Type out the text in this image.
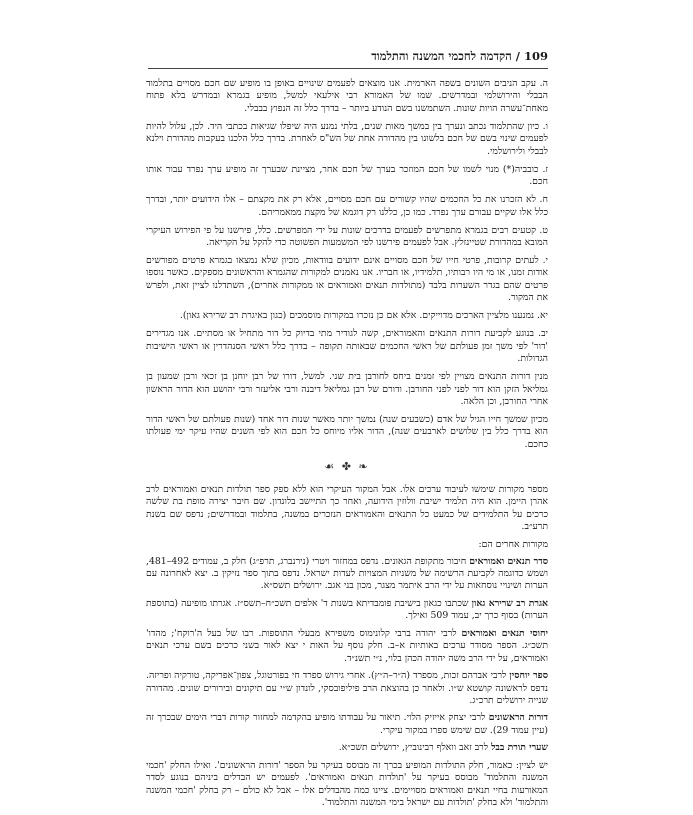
109
/
הקדמה לחכמי המשנה והתלמוד

ה. עקב הניבים השונים בשפה הארמית. אנו מוצאים לפעמים שינויים באופן בו מופיע שם חכם מסויים בתלמוד הבבלי והירושלמי ובמדרשים. שמו של האמורא רבי אילעאי למשל, מופיע בגמרא ובמדרש בלא פתוח מאחת־עשרה הויות שונות. השתמשנו בשם הנודע ביותר – בדרך כלל זה הנפוץ בבבלי.

ו. כיון שהתלמוד נכתב ונערך בין במשך מאות שנים, בלתי נמנע היה שיפלו שגיאות בכתבי היד. לכן, עלול להיות לפעמים שינוי בשם של חכם בלשונו בין מהדורה אחת של הש"ס לאחרת. בדרך כלל הלכנו בעקבות מהדורת וילנא לבבלי ולירושלמי.

ז. כובביה(*) מנוי לשמו של חכם המוזכר בערך של חכם אחר, מציינת שבערך זה מופיע ערך נפרד עבור אותו חכם.

ח. לא הזכרנו את כל החכמים שהיו קשורים עם חכם מסויים, אלא רק את מקצתם – אלו הידועים יותר, ובדרך כלל אלו שקיים עבורם ערך נפרד. כמו כן, כללנו רק דוגמא של מקצת ממאמריהם.

ט. קטעים רבים בגמרא מתפרשים לפעמים בדרכים שונות על ידי המפרשים. כלל, פירשנו על פי הפירוש העיקרי המובא במהדורת שטיינזלץ. אבל לפעמים פירשנו לפי המשמעות הפשוטה כדי להקל על הקריאה.

י. לעתים קרובות, פרטי חייו של חכם מסויים אינם ידועים בוודאות, מכיון שלא נמצאו בגמרא פרטים מפורשים אודות זמנו, או מי היו רבותיו, תלמידיו, או חבריו. אנו נאמנים למקורות שהגמרא והראשונים מספקים. כאשר נוספו פרטים שהם בגדר השערות בלבד (מתולדות תנאים ואמוראים או ממקורות אחרים), השתדלנו לציין זאת, ולפרש את המקור.

יא. נמנענו מלציין הארכים מדוייקים. אלא אם כן נזכרו במקורות מוסמכים (כגון באיגרת רב שרירא גאון).

יב. בנוגע לקביעת דורות התנאים והאמוראים, קשה לגודיר מתי בדיוק כל דור מתחיל או מסתיים. אנו מגדירים 'דור' לפי משך זמן פעולתם של ראשי החכמים שבאותה תקופה – בדרך כלל ראשי הסנהדרין או ראשי הישיבות הגדולות.

מנין דורות התנאים מצויין לפי זמנים ביחס לחורבן בית שני. למשל, דורו של רבן יוחנן בן זכאי ורבן שמעון בן גמליאל הזקן הוא דור לפני לפני החורבן. ודורם של רבן גמליאל דיבנה ורבי אליעזר ורבי יהושע הוא הדור הראשון אחרי החורבן, וכן הלאה.

מכיון שמשך חייו הגיל של אדם (כשבעים שנה) נמשך יותר מאשר שנות דור אחד (שנות פעולתם של ראשי הדור הוא בדרך כלל בין שלושים לארבעים שנה), הדור אליו מיוחס כל חכם הוא לפי השנים שהיו עיקר ימי פעולתו כחכם.

❧ ✤ ☙

מספר מקורות שימשו לעיבוד ערכים אלו. אבל המקור העיקרי הוא ללא ספק ספר תולדות תנאים ואמוראים לרב אהרן היימן. הוא היה תלמיד ישיבת וולוזין הידועה, ואחר כך התיישב בלונדון. שם חיבר יצירה מופת בת שלשה כרכים על התלמידים של כמעט כל התנאים והאמוראים הנזכרים במשנה, בתלמוד ובמדרשים; נדפס שם בשנת תרע״ב.

מקורות אחרים הם:

סדר תנאים ואמוראים חיבור מתקופת הגאונים. נדפס במחזור ויטרי (נירנברג, תרפ״ג) חלק ב, עמודים 492–481, ושמש כדוגמה לקביעת הרשימה של משניות המצויות לעדות ישראל. נדפס בתוך ספר נזיקין ב. יצא לאחרונה עם הערות ושינויי נוסחאות על ידי הרב איתמר מצגר, מכון בני אגב. ירושלים תשס״א.

אגרת רב שרירא גאון שכתבו כגאון בישיבת פומבדיתא בשנות ד' אלפים תשכ״ח–תשס״ז. אגרתו מופיעה (בתוספת הערות) בסוף כרך יב, עמוד 509 ואילך.

יחוסי תנאים ואמוראים לרבי יהודה ברבי קלונימוס משפירא מבעלי התוספות. רבו של בעל ה'רוקח'; מהדו' תשכ״ג. הספר מסודר ערכים באותיות א–ב. חלק נוסף על האות י יצא לאור בשני כרכים בשם ערכי תנאים ואמוראים, על ידי הרב משה יהודה הכהן בלוי, נ״י תשנ״ד.

ספר יוחסין לרבי אברהם זכות, מספרד (ה״ר–ה״ץ). אחרי גירוש ספרד חי בפורטוגל, צפון־אפריקה, טורקיה ופריזה. נדפס לראשונה קושטא ש״ו. ולאחר כן בהוצאת הרב פיליפובסקי, לונדון ש״י עם תיקונים ובירורים שונים. מהדורה שנייה ירושלים תרכ״ג.

דורות הראשונים לרבי יצחק אייזיק הלוי. תיאור על עבודתו מופיע בהקדמה למחזור קורות דברי הימים שבכרך זה (עיין עמוד 29). שם שימש ספרו במקור עיקרי.

שערי תורת בבל לרב זאב וואלף רבינוביץ, ירושלים תשכ״א.

יש לציין: כאמור, חלק התולדות המופיע בכרך זה מבוסס בעיקר על הספר 'דורות הראשונים'. ואילו החלק 'חכמי המשנה והתלמוד' מבוסס בעיקר על 'תולדות תנאים ואמוראים'. לפעמים יש הבדלים ביניהם בנוגע לסדר המאורעות בחיי תנאים ואמוראים מסויימים. ציינו כמה מהבדלים אלו – אבל לא כולם – רק בחלק 'חכמי המשנה והתלמוד' ולא בחלק 'תולדות עם ישראל בימי המשנה והתלמוד'.
